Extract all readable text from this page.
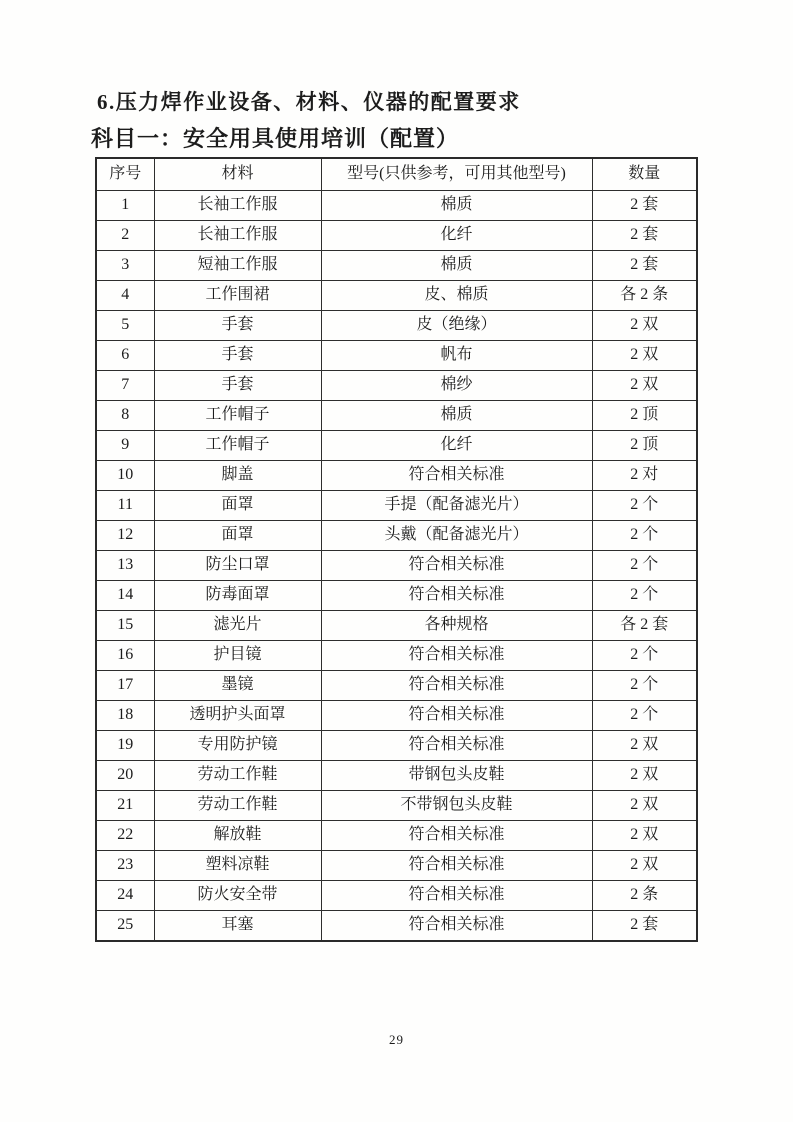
6.压力焊作业设备、材料、仪器的配置要求
科目一：安全用具使用培训（配置）
序号	材料	型号(只供参考，可用其他型号)	数量
1	长袖工作服	棉质	2 套
2	长袖工作服	化纤	2 套
3	短袖工作服	棉质	2 套
4	工作围裙	皮、棉质	各 2 条
5	手套	皮（绝缘）	2 双
6	手套	帆布	2 双
7	手套	棉纱	2 双
8	工作帽子	棉质	2 顶
9	工作帽子	化纤	2 顶
10	脚盖	符合相关标准	2 对
11	面罩	手提（配备滤光片）	2 个
12	面罩	头戴（配备滤光片）	2 个
13	防尘口罩	符合相关标准	2 个
14	防毒面罩	符合相关标准	2 个
15	滤光片	各种规格	各 2 套
16	护目镜	符合相关标准	2 个
17	墨镜	符合相关标准	2 个
18	透明护头面罩	符合相关标准	2 个
19	专用防护镜	符合相关标准	2 双
20	劳动工作鞋	带钢包头皮鞋	2 双
21	劳动工作鞋	不带钢包头皮鞋	2 双
22	解放鞋	符合相关标准	2 双
23	塑料凉鞋	符合相关标准	2 双
24	防火安全带	符合相关标准	2 条
25	耳塞	符合相关标准	2 套
29
